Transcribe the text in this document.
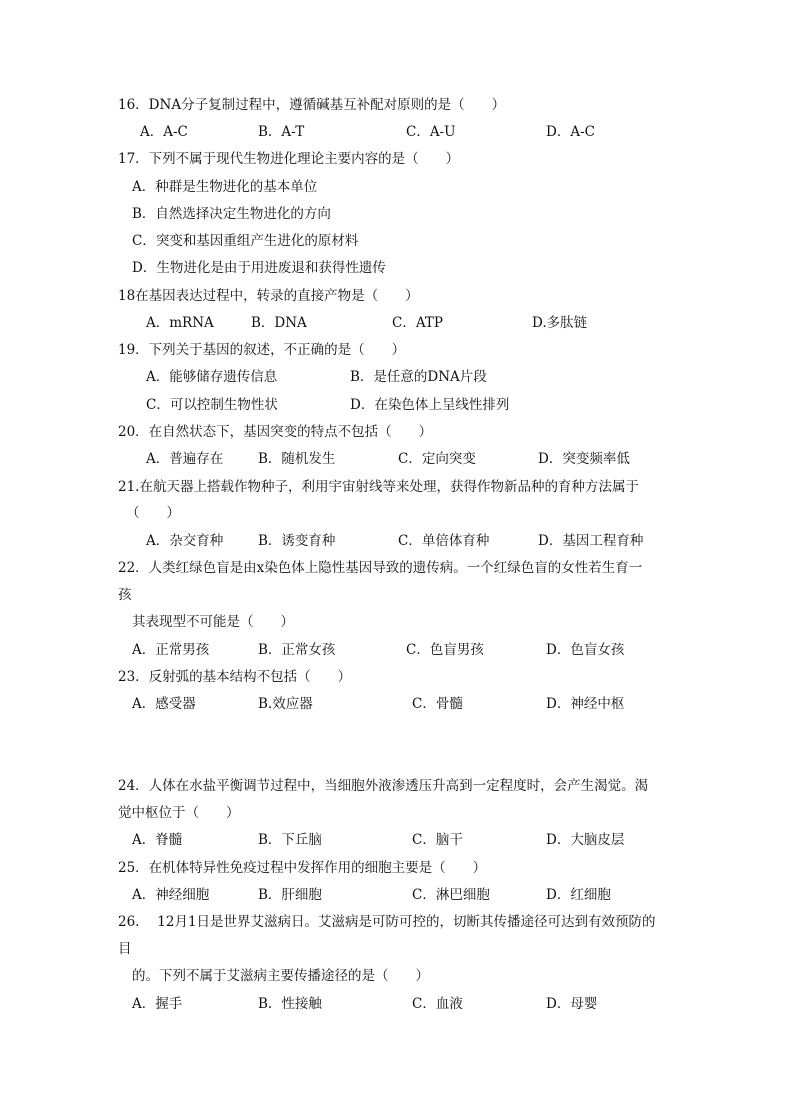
16．DNA分子复制过程中，遵循碱基互补配对原则的是（　　）
A．A-C	B．A-T	C．A-U	D．A-C
17．下列不属于现代生物进化理论主要内容的是（　　）
A．种群是生物进化的基本单位
B．自然选择决定生物进化的方向
C．突变和基因重组产生进化的原材料
D．生物进化是由于用进废退和获得性遗传
18在基因表达过程中，转录的直接产物是（　　）
A．mRNA	B．DNA	C．ATP	D.多肽链
19．下列关于基因的叙述，不正确的是（　　）
A．能够储存遗传信息	B．是任意的DNA片段
C．可以控制生物性状	D．在染色体上呈线性排列
20．在自然状态下，基因突变的特点不包括（　　）
A．普遍存在	B．随机发生	C．定向突变	D．突变频率低
21.在航天器上搭载作物种子，利用宇宙射线等来处理，获得作物新品种的育种方法属于
（　　）
A．杂交育种	B．诱变育种	C．单倍体育种	D．基因工程育种
22．人类红绿色盲是由x染色体上隐性基因导致的遗传病。一个红绿色盲的女性若生育一
孩
其表现型不可能是（　　）
A．正常男孩	B．正常女孩	C．色盲男孩	D．色盲女孩
23．反射弧的基本结构不包括（　　）
A．感受器	B.效应器	C．骨髓	D．神经中枢
24．人体在水盐平衡调节过程中，当细胞外液渗透压升高到一定程度时，会产生渴觉。渴
觉中枢位于（　　）
A．脊髓	B．下丘脑	C．脑干	D．大脑皮层
25．在机体特异性免疫过程中发挥作用的细胞主要是（　　）
A．神经细胞	B．肝细胞	C．淋巴细胞	D．红细胞
26.　 12月1日是世界艾滋病日。艾滋病是可防可控的，切断其传播途径可达到有效预防的
目
的。下列不属于艾滋病主要传播途径的是（　　）
A．握手	B．性接触	C．血液	D．母婴
